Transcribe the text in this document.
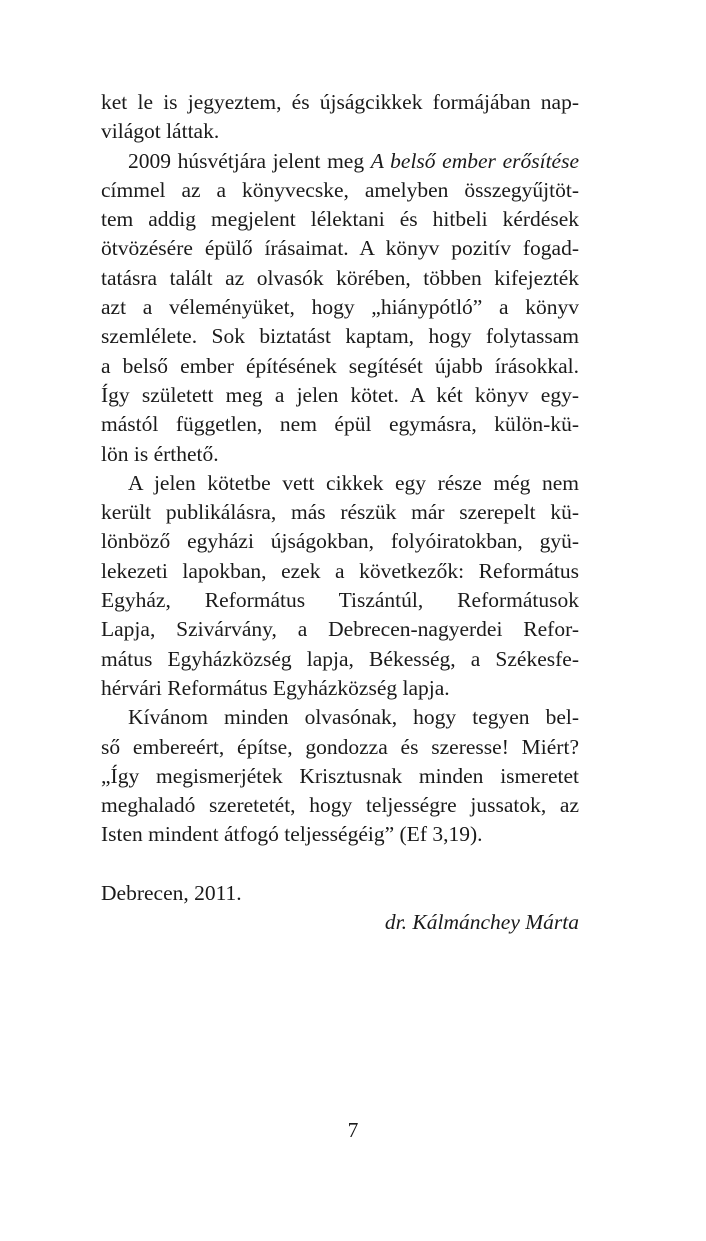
ket le is jegyeztem, és újságcikkek formájában nap-
világot láttak.
2009 húsvétjára jelent meg A belső ember erősítése
címmel az a könyvecske, amelyben összegyűjtöt-
tem addig megjelent lélektani és hitbeli kérdések
ötvözésére épülő írásaimat. A könyv pozitív fogad-
tatásra talált az olvasók körében, többen kifejezték
azt a véleményüket, hogy „hiánypótló” a könyv
szemlélete. Sok biztatást kaptam, hogy folytassam
a belső ember építésének segítését újabb írásokkal.
Így született meg a jelen kötet. A két könyv egy-
mástól független, nem épül egymásra, külön-kü-
lön is érthető.
A jelen kötetbe vett cikkek egy része még nem
került publikálásra, más részük már szerepelt kü-
lönböző egyházi újságokban, folyóiratokban, gyü-
lekezeti lapokban, ezek a következők: Református
Egyház, Református Tiszántúl, Reformátusok
Lapja, Szivárvány, a Debrecen-nagyerdei Refor-
mátus Egyházközség lapja, Békesség, a Székesfe-
hérvári Református Egyházközség lapja.
Kívánom minden olvasónak, hogy tegyen bel-
ső embereért, építse, gondozza és szeresse! Miért?
„Így megismerjétek Krisztusnak minden ismeretet
meghaladó szeretetét, hogy teljességre jussatok, az
Isten mindent átfogó teljességéig” (Ef 3,19).
Debrecen, 2011.
dr. Kálmánchey Márta
7
